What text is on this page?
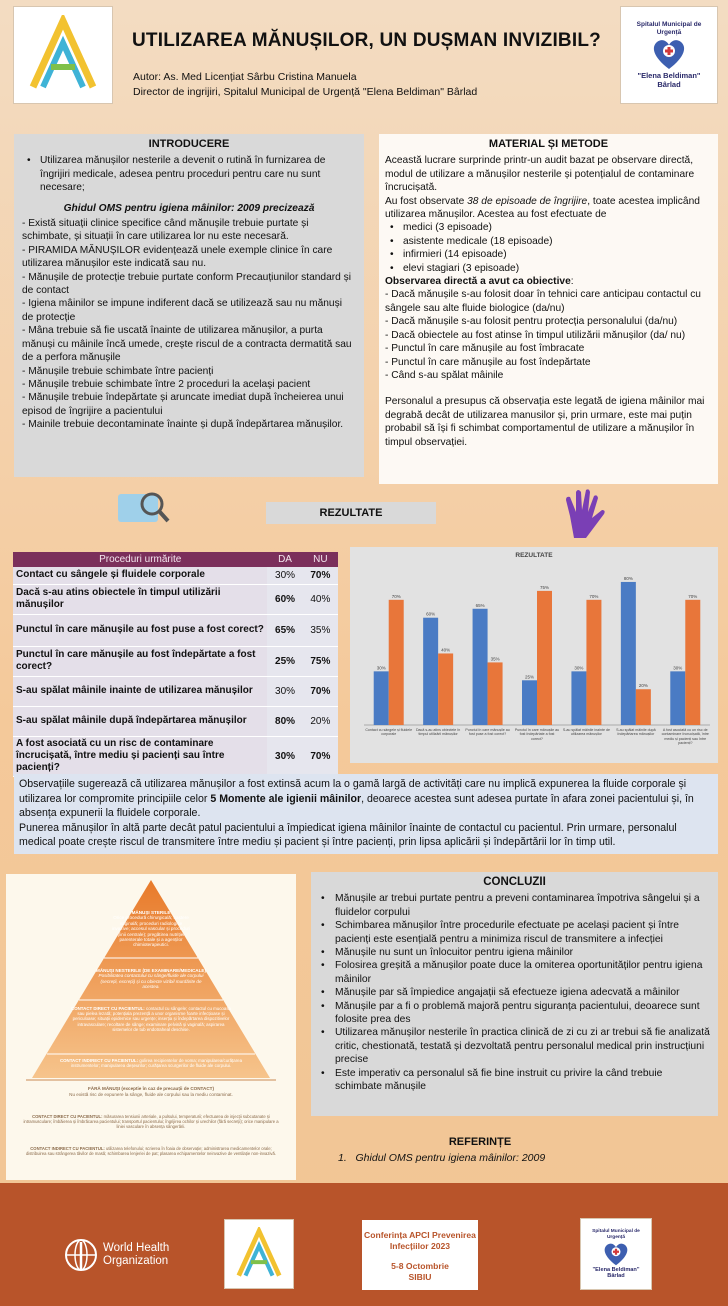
UTILIZAREA MĂNUȘILOR, UN DUȘMAN INVIZIBIL?
Autor: As. Med Licențiat Sârbu Cristina Manuela
Director de ingrijiri, Spitalul Municipal de Urgență "Elena Beldiman" Bârlad
Spitalul Municipal de Urgență
"Elena Beldiman"
Bârlad
INTRODUCERE
• Utilizarea mănușilor nesterile a devenit o rutină în furnizarea de îngrijiri medicale, adesea pentru proceduri pentru care nu sunt necesare;
Ghidul OMS pentru igiena mâinilor: 2009 precizează
- Există situații clinice specifice când mănușile trebuie purtate și schimbate, și situații în care utilizarea lor nu este necesară.
- PIRAMIDA MĂNUȘILOR evidențează unele exemple clinice în care utilizarea mănușilor este indicată sau nu.
- Mănușile de protecție trebuie purtate conform Precauțiunilor standard și de contact
- Igiena mâinilor se impune indiferent dacă se utilizează sau nu mănuși de protecție
- Mâna trebuie să fie uscată înainte de utilizarea mănușilor, a purta mănuși cu mâinile încă umede, crește riscul de a contracta dermatită sau de a perfora mănușile
- Mănușile trebuie schimbate între pacienți
- Mănușile trebuie schimbate între 2 proceduri la acelaşi pacient
- Mănușile trebuie îndepărtate și aruncate imediat după încheierea unui episod de îngrijire a pacientului
- Mainile trebuie decontaminate înainte și după îndepărtarea mănușilor.
MATERIAL ȘI METODE
Această lucrare surprinde printr-un audit bazat pe observare directă, modul de utilizare a mănușilor nesterile și potențialul de contaminare încrucișată.
Au fost observate 38 de episoade de îngrijire, toate acestea implicând utilizarea mănușilor. Acestea au fost efectuate de
• medici (3 episoade)
• asistente medicale (18 episoade)
• infirmieri (14 episoade)
• elevi stagiari (3 episoade)
Observarea directă a avut ca obiective:
- Dacă mănușile s-au folosit doar în tehnici care anticipau contactul cu sângele sau alte fluide biologice (da/nu)
- Dacă mănușile s-au folosit pentru protecția personalului (da/nu)
- Dacă obiectele au fost atinse în timpul utilizării mănușilor (da/ nu)
- Punctul în care mănușile au fost îmbracate
- Punctul în care mănușile au fost îndepărtate
- Când s-au spălat mâinile
Personalul a presupus că observația este legată de igiena mâinilor mai degrabă decât de utilizarea manusilor și, prin urmare, este mai puțin probabil să își fi schimbat comportamentul de utilizare a mănușilor în timpul observației.
REZULTATE
Proceduri urmărite	DA	NU
Contact cu sângele și fluidele corporale	30%	70%
Dacă s-au atins obiectele în timpul utilizării mănușilor	60%	40%
Punctul în care mănușile au fost puse a fost corect?	65%	35%
Punctul în care mănușile au fost îndepărtate a fost corect?	25%	75%
S-au spălat mâinile inainte de utilizarea mănușilor	30%	70%
S-au spălat mâinile după îndepărtarea mănușilor	80%	20%
A fost asociată cu un risc de contaminare încrucișată, între mediu și pacienți sau între pacienți?	30%	70%
REZULTATE
30%
60%
65%
25%
30%
80%
30%
70%
40%
35%
75%
70%
20%
70%
Contact cu sângele și fluidele corporale
Dacă s-au atins obiectele în timpul utilizării mănușilor
Punctul în care mănușile au fost puse a fost corect?
Punctul în care mănușile au fost îndepărtate a fost corect?
S-au spălat mâinile inainte de utilizarea mănușilor
S-au spălat mâinile după îndepărtarea mănușilor
A fost asociată cu un risc de contaminare încrucișată, între mediu și pacienți sau între pacienți?
Observațiile sugerează că utilizarea mănușilor a fost extinsă acum la o gamă largă de activități care nu implică expunerea la fluide corporale și utilizarea lor compromite principiile celor 5 Momente ale igienii mâinilor, deoarece acestea sunt adesea purtate în afara zonei pacientului și, în absența expunerii la fluidele corporale.
Punerea mănușilor în altă parte decât patul pacientului a împiedicat igiena mâinilor înainte de contactul cu pacientul. Prin urmare, personalul medical poate crește riscul de transmitere între mediu și pacient și între pacienți, prin lipsa aplicării și îndepărtării lor în timp util.
MĂNUȘI STERILE
Orice procedură chirurgicală; naștere vaginală; proceduri radiologice invazive; accesul vascular și proceduri (linii centrale); pregătirea nutriției parenterale totale și a agenților chimioterapeutici.
MĂNUȘI NESTERILE (DE EXAMINARE/MEDICALE)
Posibilitatea contactului cu sânge/fluide ale corpului (secreții, excreții) și cu obiecte vizibil murdărite de acestea.
CONTACT DIRECT CU PACIENTUL: contactul cu sângele; contactul cu mucoasa sau pielea lezată; potențiala prezență a unor organisme foarte infecțioase și periculoase; situații epidemice sau urgențe; inserția și îndepărtarea dispozitivelor intravasculare; recoltare de sânge; examinare pelvină și vaginală; aspirarea sistemelor de tub endotraheal deschise.
CONTACT INDIRECT CU PACIENTUL: golirea recipientelor de voma; manipularea/curățarea instrumentelor; manipularea deșeurilor; curățarea scurgerilor de fluide ale corpului.
FĂRĂ MĂNUȘI (exceptie în caz de precauții de CONTACT)
Nu există risc de expunere la sânge, fluide ale corpului sau la mediu contaminat.
CONTACT DIRECT CU PACIENTUL: măsurarea tensiunii arteriale, a pulsului, temperaturii; efectuarea de injecții subcutanate și intramusculare; îmbăierea și îmbrăcarea pacientului; transportul pacientului; îngrijirea ochilor și urechilor (fără secreții); orice manipulare a liniei vasculare în absența sângerării.
CONTACT INDIRECT CU PACIENTUL: utilizarea telefonului; scrierea în foaia de observație; administrarea medicamentelor orale; distribuirea sau strângerea tăvilor de masă; schimbarea lenjeriei de pat; plasarea echipamentelor neinvazive de ventilație non-invazivă.
CONCLUZII
• Mănușile ar trebui purtate pentru a preveni contaminarea împotriva sângelui și a fluidelor corpului
• Schimbarea mănușilor între procedurile efectuate pe același pacient și între pacienți este esențială pentru a minimiza riscul de transmitere a infecției
• Mănușile nu sunt un înlocuitor pentru igiena mâinilor
• Folosirea greșită a mănușilor poate duce la omiterea oportunităților pentru igiena mâinilor
• Mănușile par să împiedice angajații să efectueze igiena adecvată a mâinilor
• Mănușile par a fi o problemă majoră pentru siguranța pacientului, deoarece sunt folosite prea des
• Utilizarea mănușilor nesterile în practica clinică de zi cu zi ar trebui să fie analizată critic, chestionată, testată și dezvoltată pentru personalul medical prin instrucțiuni precise
• Este imperativ ca personalul să fie bine instruit cu privire la când trebuie schimbate mănușile
REFERINȚE
1.   Ghidul OMS pentru igiena mâinilor: 2009
World Health
Organization
Conferința APCI Prevenirea
Infecțiilor 2023
5-8 Octombrie
SIBIU
Spitalul Municipal de Urgență
"Elena Beldiman"
Bârlad
